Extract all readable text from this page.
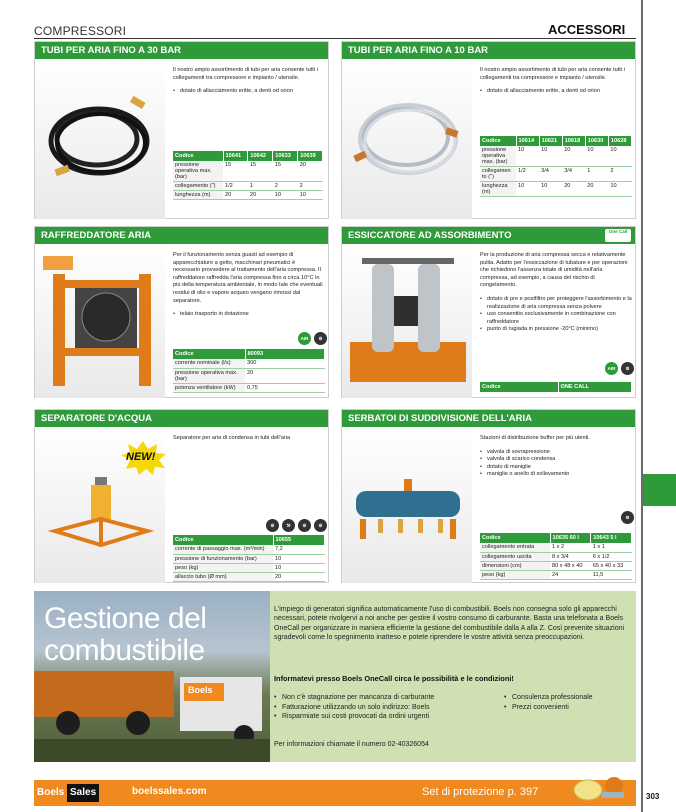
COMPRESSORI	ACCESSORI
TUBI PER ARIA FINO A 30 BAR

Il nostro ampio assortimento di tubi per aria consente tutti i collegamenti tra compressore e impianto / utensile.

• dotato di allacciamento eritte, a denti od orion
Codice	10641	10642	10633	10639
pressione operativa max. (bar)	15	15	15	30
collegamento (")	1/2	1	2	2
lunghezza (m)	20	20	10	10
TUBI PER ARIA FINO A 10 BAR

Il nostro ampio assortimento di tubi per aria consente tutti i collegamenti tra compressore e impianto / utensile.

• dotato di allacciamento eritte, a denti od orion
Codice	10614	10621	10618	10630	10628
pressione operativa max. (bar)	10	10	10	10	10
collegamen to (")	1/2	3/4	3/4	1	2
lunghezza (m)	10	10	20	20	10
RAFFREDDATORE ARIA

Per il funzionamento senza guasti ad esempio di apparecchiature a getto, macchinari pneumatici è necessario provvedere al trattamento dell'aria compressa. Il raffreddatore raffredda l'aria compressa fino a circa 10°C in più della temperatura ambientale, in modo tale che eventuali residui di olio e vapore acqueo vengano rimossi dal separatore.

• telaio trasporto in dotazione
AIR	⚙
Codice	80093
corrente nominale (l/s)	300
pressione operativa max. (bar)	20
potenza ventilatore (kW)	0,75
ESSICCATORE AD ASSORBIMENTO	One Call

Per la produzione di aria compressa secca e relativamente pulita. Adatto per l'essiccazione di tubature e per operazioni che richiedono l'assenza totale di umidità nell'aria compressa, ad esempio, a causa del rischio di congelamento.

• dotato di pre e postfiltro per proteggere l'assorbimento e la realizzazione di aria compressa senza polvere
• uso consentito esclusivamente in combinazione con raffreddatore
• punto di rugiada in pressione -20°C (minimo)
AIR	⚙
Codice	ONE CALL
SEPARATORE D'ACQUA
NEW!

Separatore per aria di condensa in tubi dell'aria

⚙	⚒	⚙	⚙
Codice	10655
corrente di passaggio max. (m³/min)	7,2
pressione di funzionamento (bar)	10
peso (kg)	10
allaccio tubo (Ø mm)	20
SERBATOI DI SUDDIVISIONE DELL'ARIA

Stazioni di distribuzione buffer per più utenti.

• valvola di sovrapressione
• valvola di scarico condensa
• dotato di maniglie
• maniglie o anello di sollevamento
⚙
Codice	10635 60 l	10643 5 l
collegamento entrata	1 x 2	1 x 1
collegamento uscita	8 x 3/4	6 x 1/2
dimensioni (cm)	80 x 48 x 40	65 x 40 x 33
peso (kg)	24	11,5
Boels
Gestione del
combustibile

L'impiego di generatori significa automaticamente l'uso di combustibili. Boels non consegna solo gli apparecchi necessari, potete rivolgervi a noi anche per gestire il vostro consumo di carburante. Basta una telefonata a Boels OneCall per organizzare in maniera efficiente la gestione del combustibile dalla A alla Z. Così prevenite situazioni sgradevoli come lo spegnimento inatteso e potete riprendere le vostre attività senza preoccupazioni.

Informatevi presso Boels OneCall circa le possibilità e le condizioni!
• Non c'è stagnazione per mancanza di carburante
• Fatturazione utilizzando un solo indirizzo: Boels
• Risparmiate sui costi provocati da ordini urgenti
• Consulenza professionale
• Prezzi convenienti
Per informazioni chiamate il numero 02-40326054
Boels Sales	boelssales.com	Set di protezione p. 397	303
